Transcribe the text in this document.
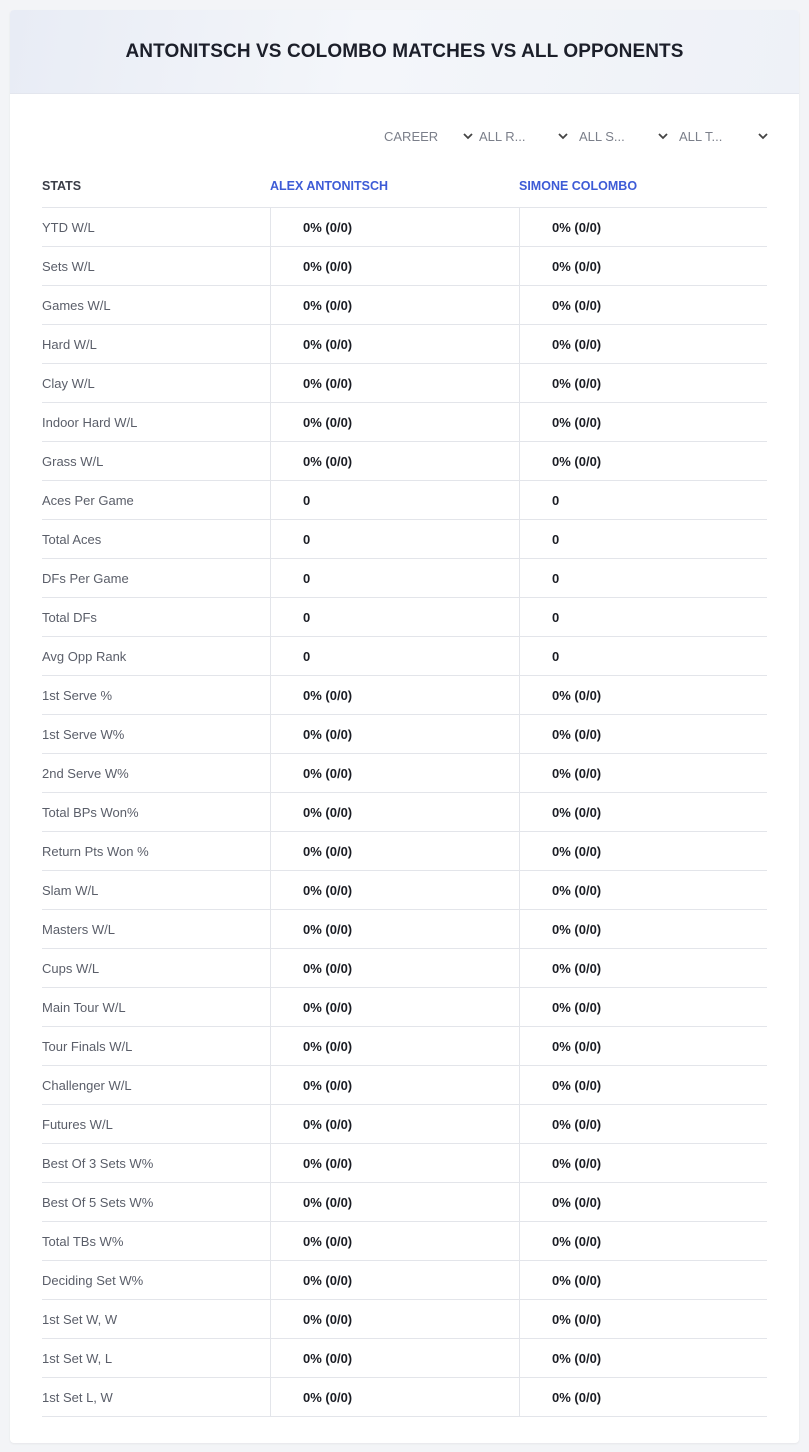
ANTONITSCH VS COLOMBO MATCHES VS ALL OPPONENTS
CAREER	ALL R...	ALL S...	ALL T...
STATS	ALEX ANTONITSCH	SIMONE COLOMBO
YTD W/L	0% (0/0)	0% (0/0)
Sets W/L	0% (0/0)	0% (0/0)
Games W/L	0% (0/0)	0% (0/0)
Hard W/L	0% (0/0)	0% (0/0)
Clay W/L	0% (0/0)	0% (0/0)
Indoor Hard W/L	0% (0/0)	0% (0/0)
Grass W/L	0% (0/0)	0% (0/0)
Aces Per Game	0	0
Total Aces	0	0
DFs Per Game	0	0
Total DFs	0	0
Avg Opp Rank	0	0
1st Serve %	0% (0/0)	0% (0/0)
1st Serve W%	0% (0/0)	0% (0/0)
2nd Serve W%	0% (0/0)	0% (0/0)
Total BPs Won%	0% (0/0)	0% (0/0)
Return Pts Won %	0% (0/0)	0% (0/0)
Slam W/L	0% (0/0)	0% (0/0)
Masters W/L	0% (0/0)	0% (0/0)
Cups W/L	0% (0/0)	0% (0/0)
Main Tour W/L	0% (0/0)	0% (0/0)
Tour Finals W/L	0% (0/0)	0% (0/0)
Challenger W/L	0% (0/0)	0% (0/0)
Futures W/L	0% (0/0)	0% (0/0)
Best Of 3 Sets W%	0% (0/0)	0% (0/0)
Best Of 5 Sets W%	0% (0/0)	0% (0/0)
Total TBs W%	0% (0/0)	0% (0/0)
Deciding Set W%	0% (0/0)	0% (0/0)
1st Set W, W	0% (0/0)	0% (0/0)
1st Set W, L	0% (0/0)	0% (0/0)
1st Set L, W	0% (0/0)	0% (0/0)
